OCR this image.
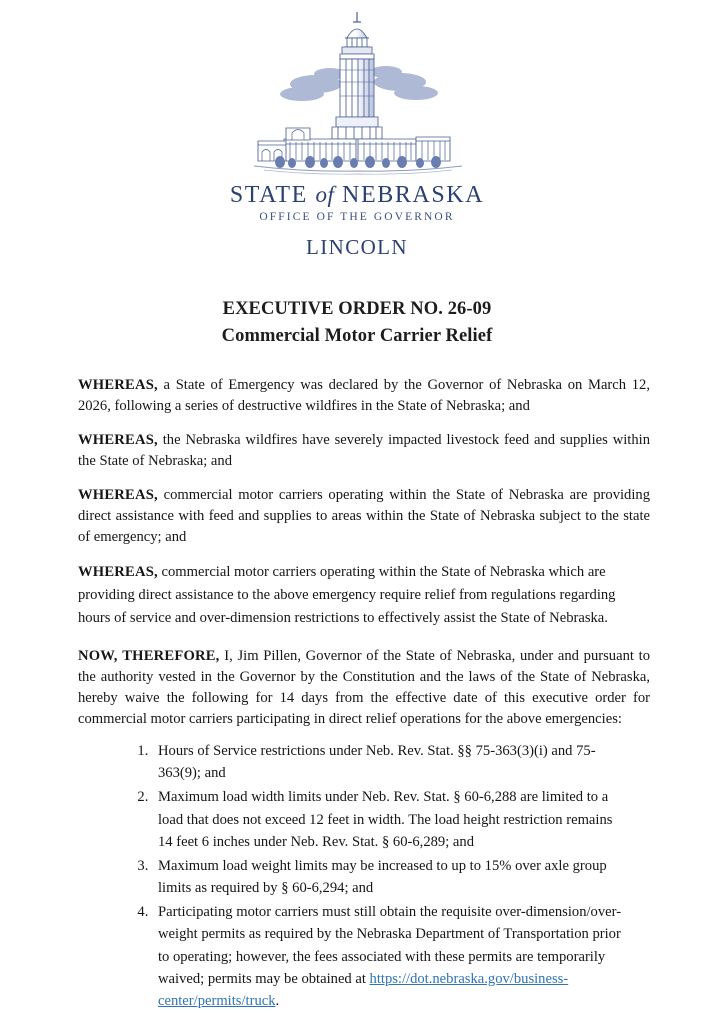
STATE of NEBRASKA
OFFICE OF THE GOVERNOR
LINCOLN
EXECUTIVE ORDER NO. 26-09
Commercial Motor Carrier Relief

WHEREAS, a State of Emergency was declared by the Governor of Nebraska on March 12, 2026, following a series of destructive wildfires in the State of Nebraska; and

WHEREAS, the Nebraska wildfires have severely impacted livestock feed and supplies within the State of Nebraska; and

WHEREAS, commercial motor carriers operating within the State of Nebraska are providing direct assistance with feed and supplies to areas within the State of Nebraska subject to the state of emergency; and

WHEREAS, commercial motor carriers operating within the State of Nebraska which are providing direct assistance to the above emergency require relief from regulations regarding hours of service and over-dimension restrictions to effectively assist the State of Nebraska.

NOW, THEREFORE, I, Jim Pillen, Governor of the State of Nebraska, under and pursuant to the authority vested in the Governor by the Constitution and the laws of the State of Nebraska, hereby waive the following for 14 days from the effective date of this executive order for commercial motor carriers participating in direct relief operations for the above emergencies:

1. Hours of Service restrictions under Neb. Rev. Stat. §§ 75-363(3)(i) and 75-363(9); and
2. Maximum load width limits under Neb. Rev. Stat. § 60-6,288 are limited to a load that does not exceed 12 feet in width. The load height restriction remains 14 feet 6 inches under Neb. Rev. Stat. § 60-6,289; and
3. Maximum load weight limits may be increased to up to 15% over axle group limits as required by § 60-6,294; and
4. Participating motor carriers must still obtain the requisite over-dimension/over-weight permits as required by the Nebraska Department of Transportation prior to operating; however, the fees associated with these permits are temporarily waived; permits may be obtained at https://dot.nebraska.gov/business-center/permits/truck.
